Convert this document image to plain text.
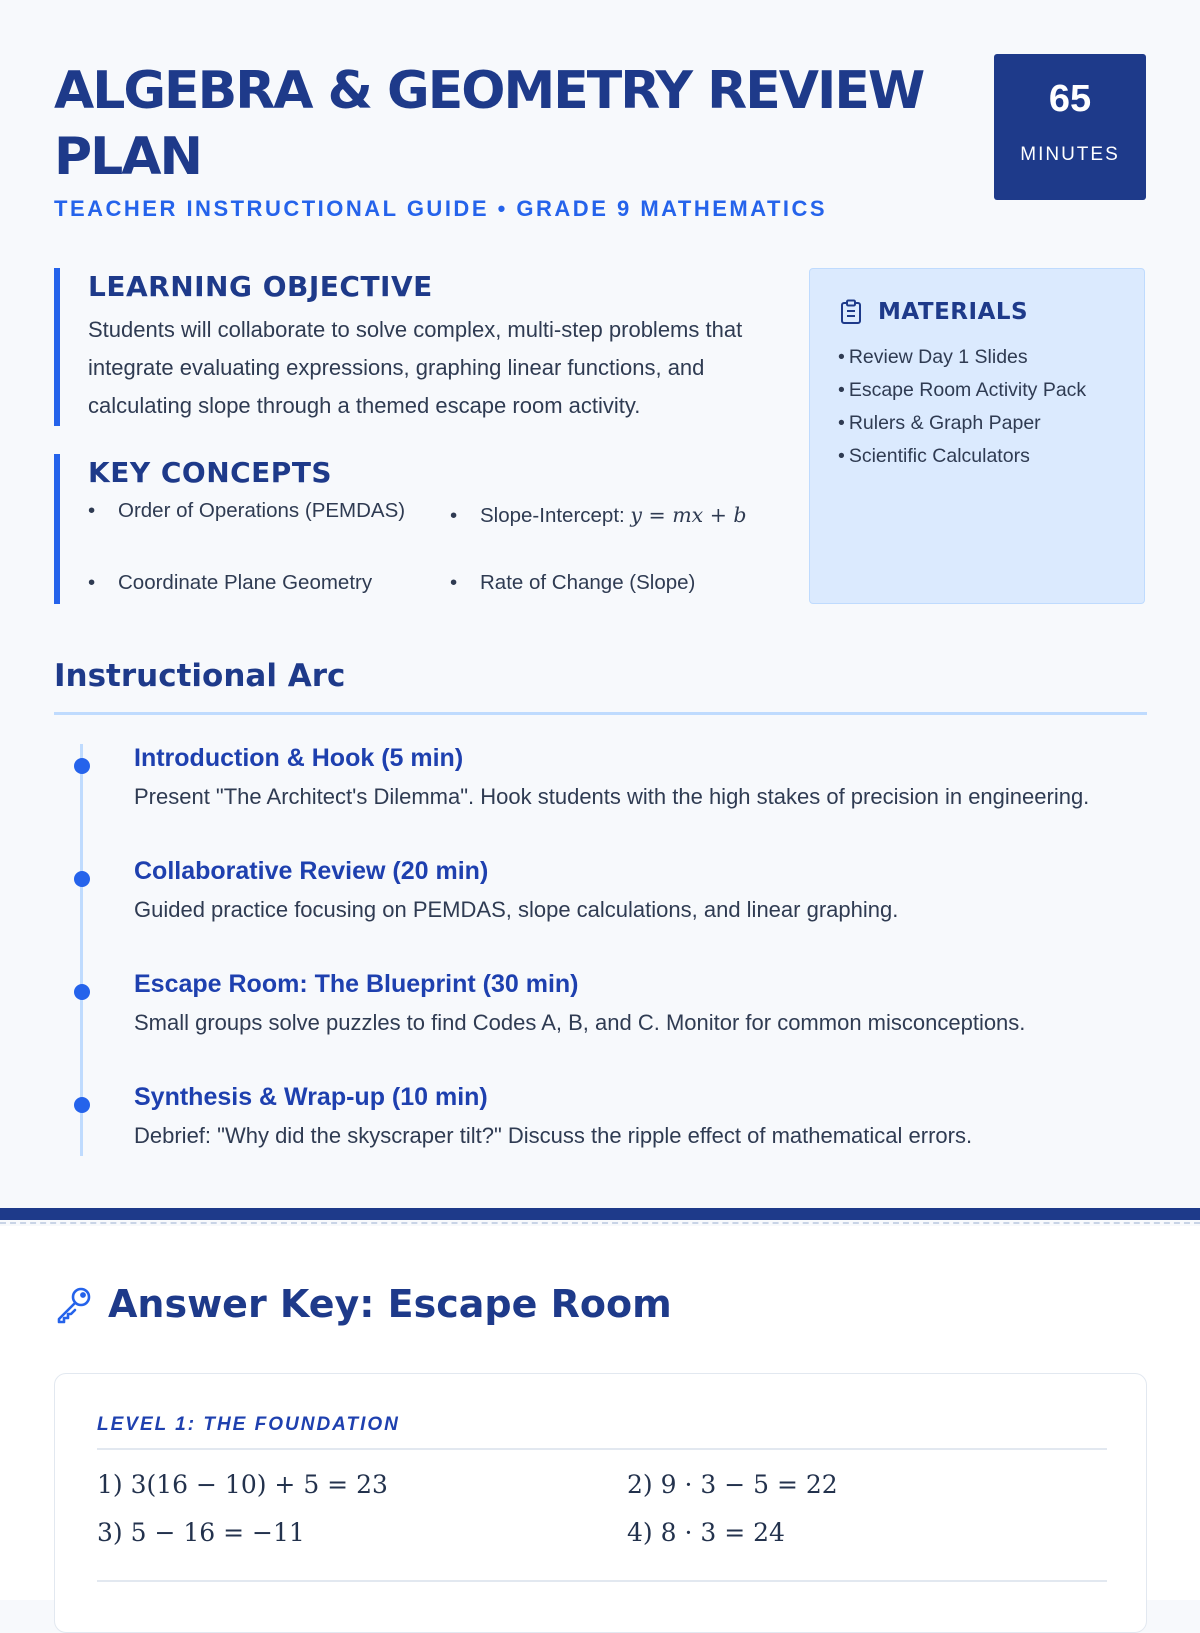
ALGEBRA & GEOMETRY REVIEW PLAN
TEACHER INSTRUCTIONAL GUIDE • GRADE 9 MATHEMATICS
65
MINUTES
LEARNING OBJECTIVE

Students will collaborate to solve complex, multi-step problems that integrate evaluating expressions, graphing linear functions, and calculating slope through a themed escape room activity.

KEY CONCEPTS
• Order of Operations (PEMDAS) • Slope-Intercept: y = mx + b
• Coordinate Plane Geometry	• Rate of Change (Slope)
MATERIALS
• Review Day 1 Slides
• Escape Room Activity Pack
• Rulers & Graph Paper
• Scientific Calculators
Instructional Arc
Introduction & Hook (5 min)
Present "The Architect's Dilemma". Hook students with the high stakes of precision in engineering.
Collaborative Review (20 min)
Guided practice focusing on PEMDAS, slope calculations, and linear graphing.
Escape Room: The Blueprint (30 min)
Small groups solve puzzles to find Codes A, B, and C. Monitor for common misconceptions.
Synthesis & Wrap-up (10 min)
Debrief: "Why did the skyscraper tilt?" Discuss the ripple effect of mathematical errors.
Answer Key: Escape Room
LEVEL 1: THE FOUNDATION
1) 3(16 − 10) + 5 = 23	2) 9 · 3 − 5 = 22
3) 5 − 16 = −11	4) 8 · 3 = 24
